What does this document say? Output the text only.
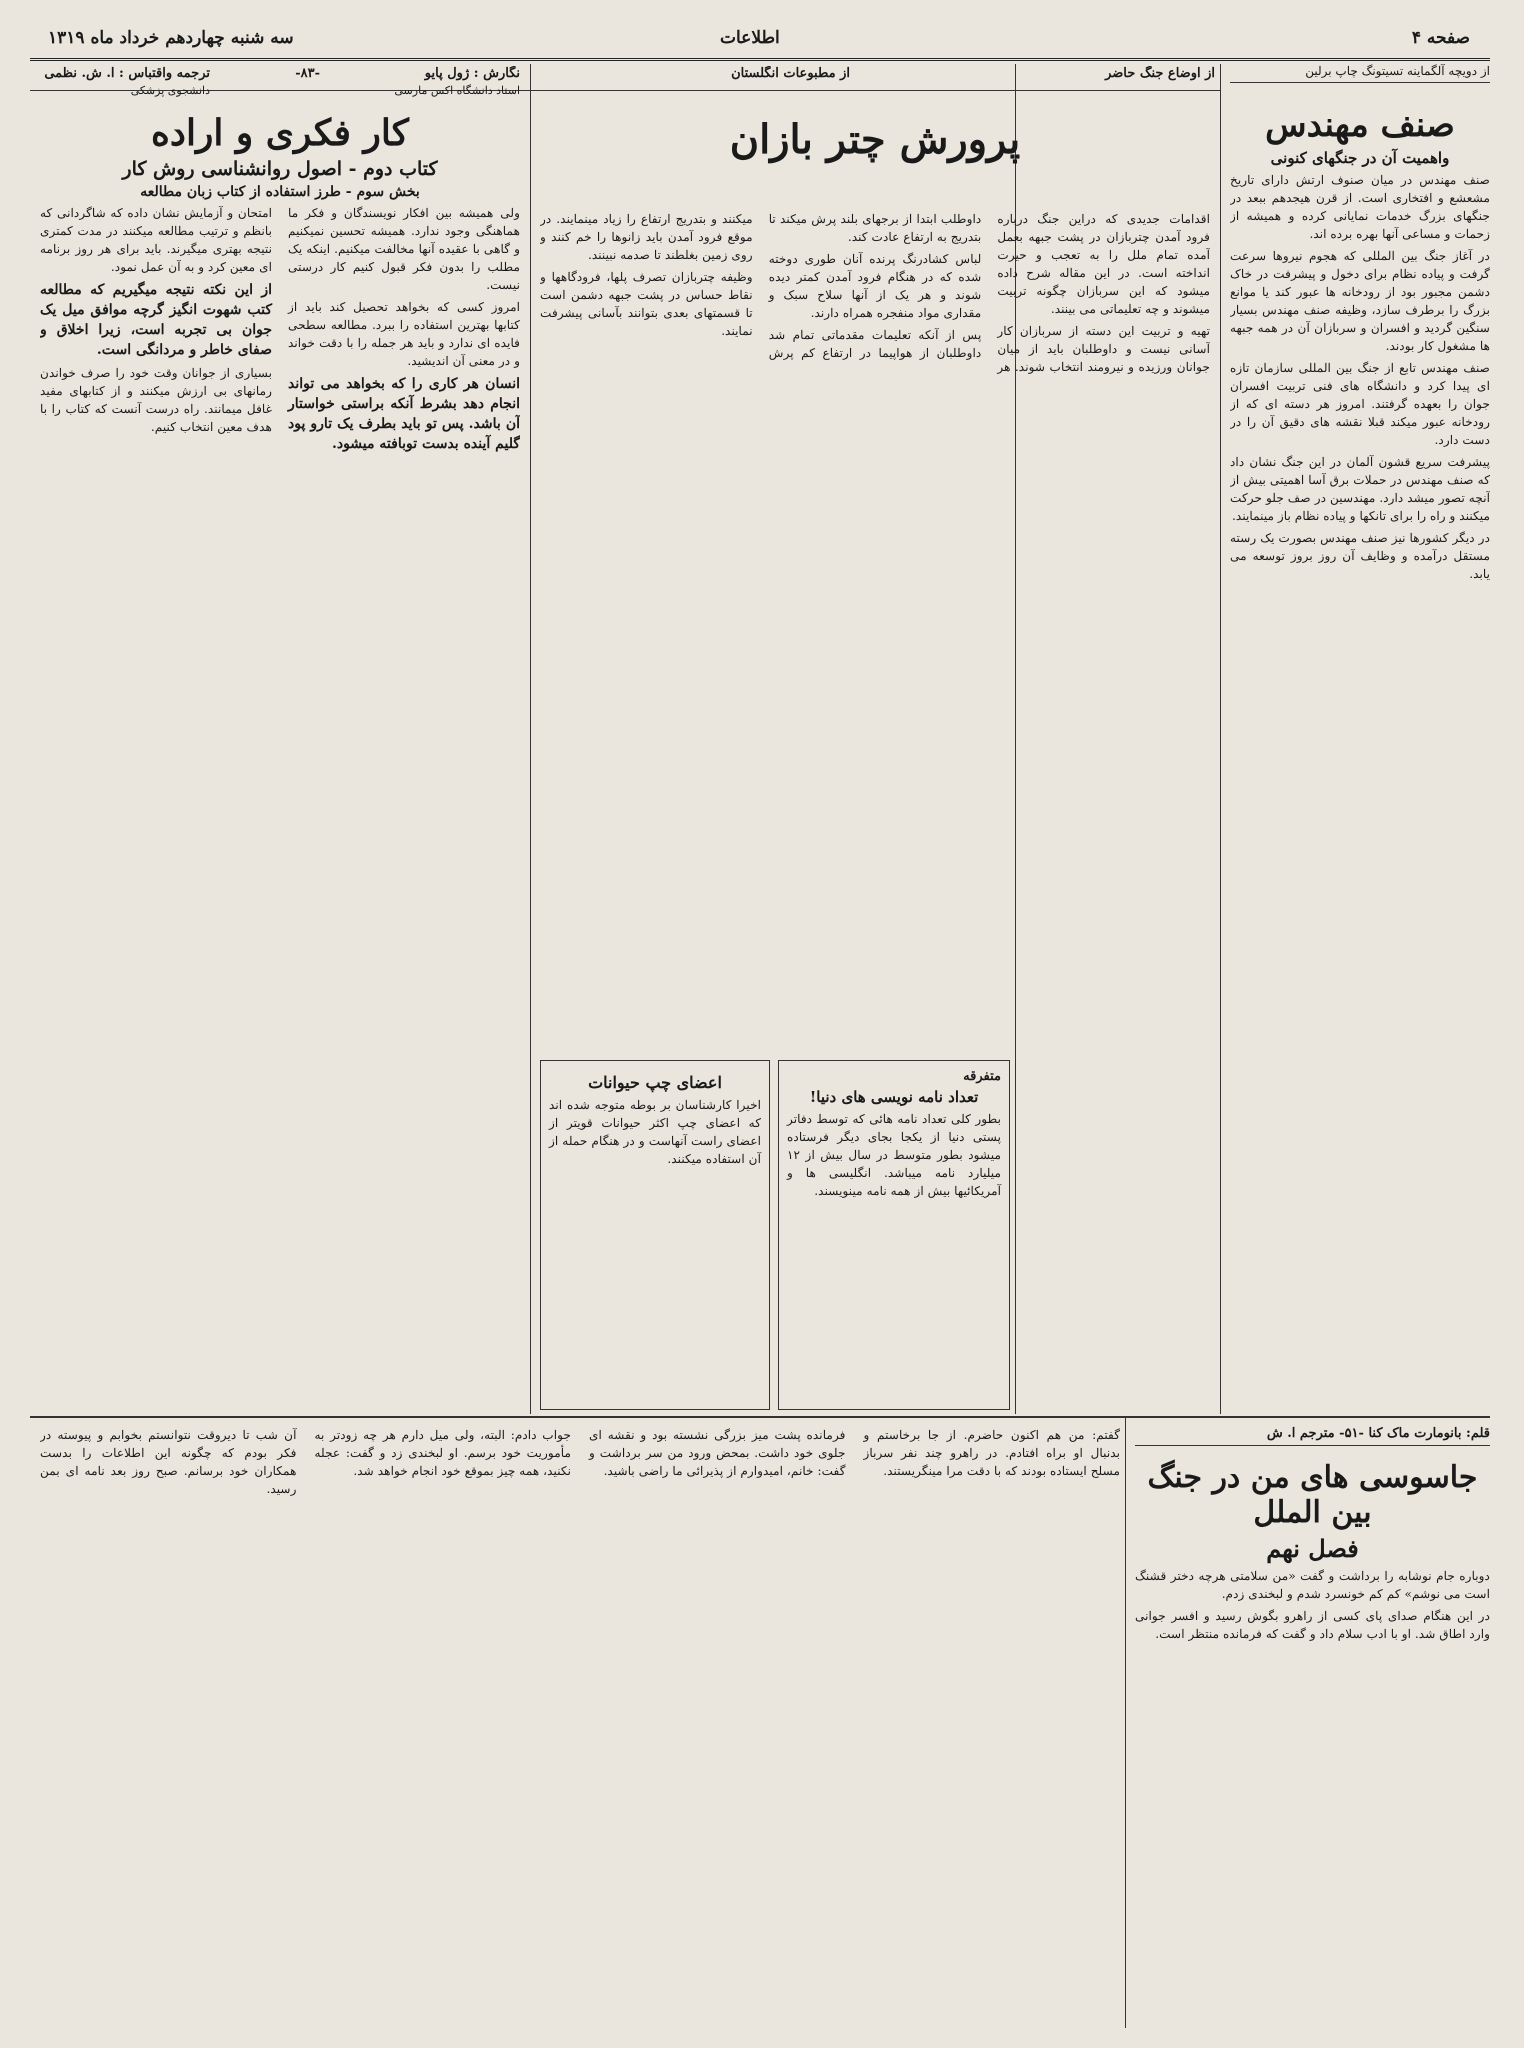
صفحه ۴
اطلاعات
سه شنبه چهاردهم خرداد ماه ۱۳۱۹
از دویچه آلگماینه تسیتونگ چاپ برلین
صنف مهندس
واهمیت آن در جنگهای کنونی

صنف مهندس در میان صنوف ارتش دارای تاریخ مشعشع و افتخاری است. از قرن هیجدهم ببعد در جنگهای بزرگ خدمات نمایانی کرده و همیشه از زحمات و مساعی آنها بهره برده اند.

در آغاز جنگ بین المللی که هجوم نیروها سرعت گرفت و پیاده نظام برای دخول و پیشرفت در خاک دشمن مجبور بود از رودخانه ها عبور کند یا موانع بزرگ را برطرف سازد، وظیفه صنف مهندس بسیار سنگین گردید و افسران و سربازان آن در همه جبهه ها مشغول کار بودند.

صنف مهندس تابع از جنگ بین المللی سازمان تازه ای پیدا کرد و دانشگاه های فنی تربیت افسران جوان را بعهده گرفتند. امروز هر دسته ای که از رودخانه عبور میکند قبلا نقشه های دقیق آن را در دست دارد.

پیشرفت سریع قشون آلمان در این جنگ نشان داد که صنف مهندس در حملات برق آسا اهمیتی بیش از آنچه تصور میشد دارد. مهندسین در صف جلو حرکت میکنند و راه را برای تانکها و پیاده نظام باز مینمایند.

در دیگر کشورها نیز صنف مهندس بصورت یک رسته مستقل درآمده و وظایف آن روز بروز توسعه می یابد.

از اوضاع جنگ حاضر
از مطبوعات انگلستان
پرورش چتر بازان

اقدامات جدیدی که دراین جنگ درباره فرود آمدن چتربازان در پشت جبهه بعمل آمده تمام ملل را به تعجب و حیرت انداخته است. در این مقاله شرح داده میشود که این سربازان چگونه تربیت میشوند و چه تعلیماتی می بینند.

تهیه و تربیت این دسته از سربازان کار آسانی نیست و داوطلبان باید از میان جوانان ورزیده و نیرومند انتخاب شوند. هر داوطلب ابتدا از برجهای بلند پرش میکند تا بتدریج به ارتفاع عادت کند.

لباس کشادرنگ پرنده آنان طوری دوخته شده که در هنگام فرود آمدن کمتر دیده شوند و هر یک از آنها سلاح سبک و مقداری مواد منفجره همراه دارند.

پس از آنکه تعلیمات مقدماتی تمام شد داوطلبان از هواپیما در ارتفاع کم پرش میکنند و بتدریج ارتفاع را زیاد مینمایند. در موقع فرود آمدن باید زانوها را خم کنند و روی زمین بغلطند تا صدمه نبینند.

وظیفه چتربازان تصرف پلها، فرودگاهها و نقاط حساس در پشت جبهه دشمن است تا قسمتهای بعدی بتوانند بآسانی پیشرفت نمایند.

اعضای چپ حیوانات

اخیرا کارشناسان بر بوطه متوجه شده اند که اعضای چپ اکثر حیوانات قویتر از اعضای راست آنهاست و در هنگام حمله از آن استفاده میکنند.

متفرقه
تعداد نامه نویسی های دنیا!

بطور کلی تعداد نامه هائی که توسط دفاتر پستی دنیا از یکجا بجای دیگر فرستاده میشود بطور متوسط در سال بیش از ۱۲ میلیارد نامه میباشد. انگلیسی ها و آمریکائیها بیش از همه نامه مینویسند.

نگارش : ژول پایو
-۸۳-
ترجمه واقتباس : ا. ش. نظمی
استاد دانشگاه اکس مارسی
دانشجوی پزشکی
کار فکری و اراده
کتاب دوم - اصول روانشناسی روش کار
بخش سوم - طرز استفاده از کتاب زبان مطالعه

ولی همیشه بین افکار نویسندگان و فکر ما هماهنگی وجود ندارد. همیشه تحسین نمیکنیم و گاهی با عقیده آنها مخالفت میکنیم. اینکه یک مطلب را بدون فکر قبول کنیم کار درستی نیست.

امروز کسی که بخواهد تحصیل کند باید از کتابها بهترین استفاده را ببرد. مطالعه سطحی فایده ای ندارد و باید هر جمله را با دقت خواند و در معنی آن اندیشید.

انسان هر کاری را که بخواهد می تواند انجام دهد بشرط آنکه براستی خواستار آن باشد. پس تو باید بطرف یک تارو پود گلیم آینده بدست توبافته میشود.

امتحان و آزمایش نشان داده که شاگردانی که بانظم و ترتیب مطالعه میکنند در مدت کمتری نتیجه بهتری میگیرند. باید برای هر روز برنامه ای معین کرد و به آن عمل نمود.

از این نکته نتیجه میگیریم که مطالعه کتب شهوت انگیز گرچه موافق میل یک جوان بی تجربه است، زیرا اخلاق و صفای خاطر و مردانگی است.

بسیاری از جوانان وقت خود را صرف خواندن رمانهای بی ارزش میکنند و از کتابهای مفید غافل میمانند. راه درست آنست که کتاب را با هدف معین انتخاب کنیم.

قلم: بانومارت ماک کنا -۵۱- مترجم ا. ش
جاسوسی های من در جنگ بین الملل
فصل نهم

دوباره جام نوشابه را برداشت و گفت «من سلامتی هرچه دختر قشنگ است می نوشم» کم کم خونسرد شدم و لبخندی زدم.

در این هنگام صدای پای کسی از راهرو بگوش رسید و افسر جوانی وارد اطاق شد. او با ادب سلام داد و گفت که فرمانده منتظر است.

گفتم: من هم اکنون حاضرم. از جا برخاستم و بدنبال او براه افتادم. در راهرو چند نفر سرباز مسلح ایستاده بودند که با دقت مرا مینگریستند.

فرمانده پشت میز بزرگی نشسته بود و نقشه ای جلوی خود داشت. بمحض ورود من سر برداشت و گفت: خانم، امیدوارم از پذیرائی ما راضی باشید.

جواب دادم: البته، ولی میل دارم هر چه زودتر به مأموریت خود برسم. او لبخندی زد و گفت: عجله نکنید، همه چیز بموقع خود انجام خواهد شد.

آن شب تا دیروقت نتوانستم بخوابم و پیوسته در فکر بودم که چگونه این اطلاعات را بدست همکاران خود برسانم. صبح روز بعد نامه ای بمن رسید.
